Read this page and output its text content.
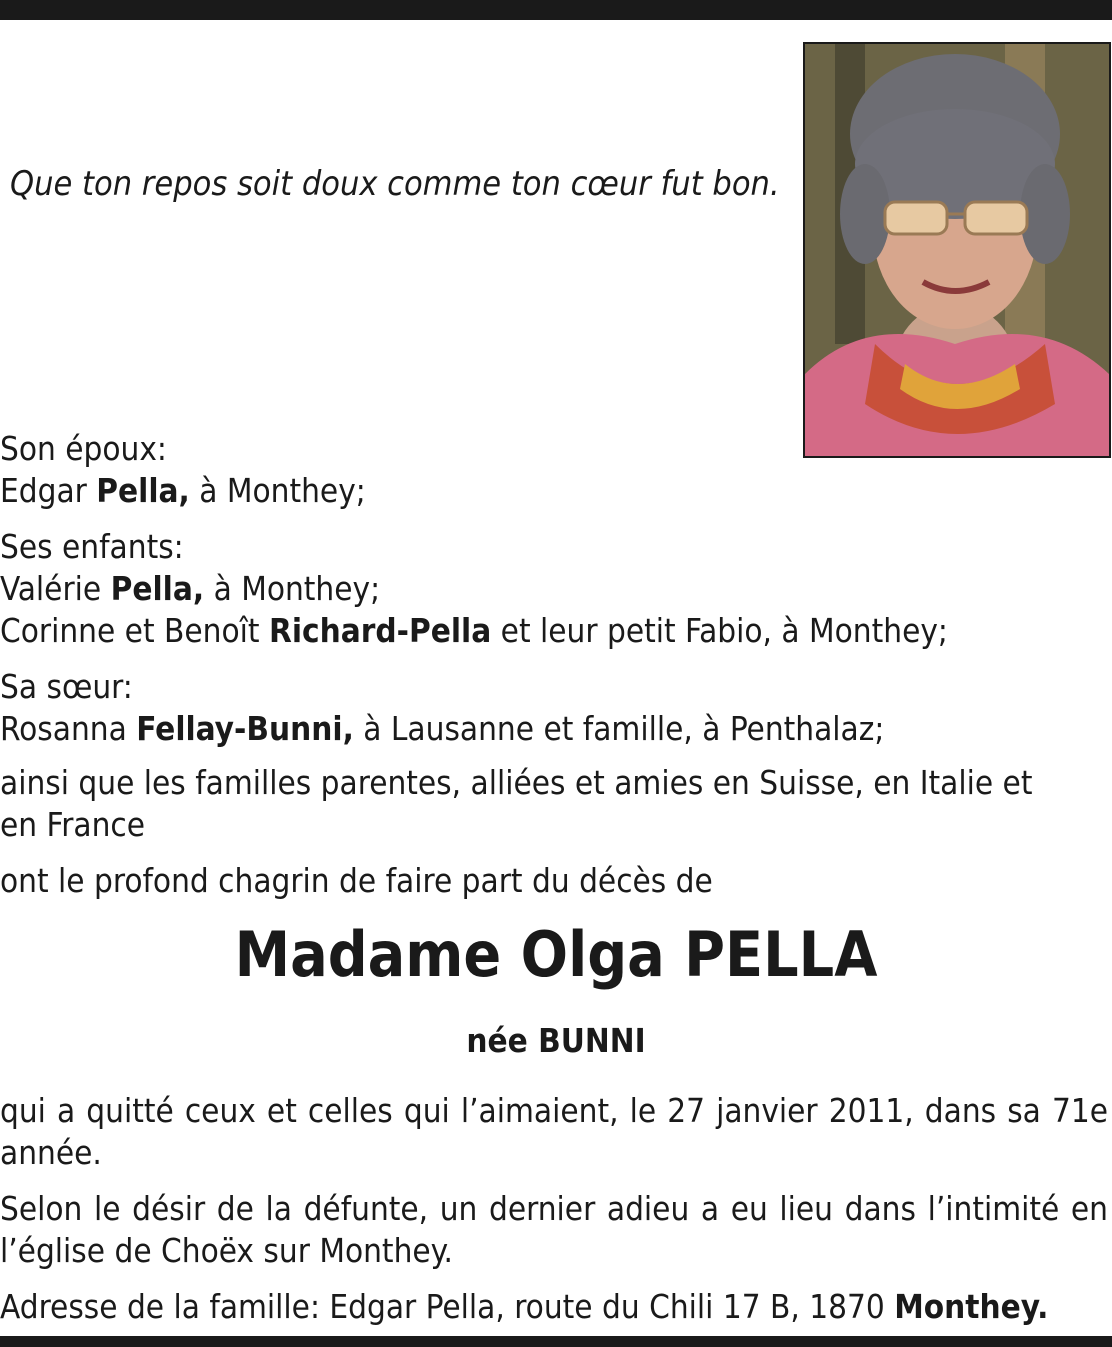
Que ton repos soit doux comme ton cœur fut bon.
Son époux:
Edgar Pella, à Monthey;
Ses enfants:
Valérie Pella, à Monthey;
Corinne et Benoît Richard-Pella et leur petit Fabio, à Monthey;
Sa sœur:
Rosanna Fellay-Bunni, à Lausanne et famille, à Penthalaz;
ainsi que les familles parentes, alliées et amies en Suisse, en Italie et en France
ont le profond chagrin de faire part du décès de
Madame Olga PELLA
née BUNNI
qui a quitté ceux et celles qui l’aimaient, le 27 janvier 2011, dans sa 71e année.
Selon le désir de la défunte, un dernier adieu a eu lieu dans l’intimité en l’église de Choëx sur Monthey.
Adresse de la famille: Edgar Pella, route du Chili 17 B, 1870 Monthey.
